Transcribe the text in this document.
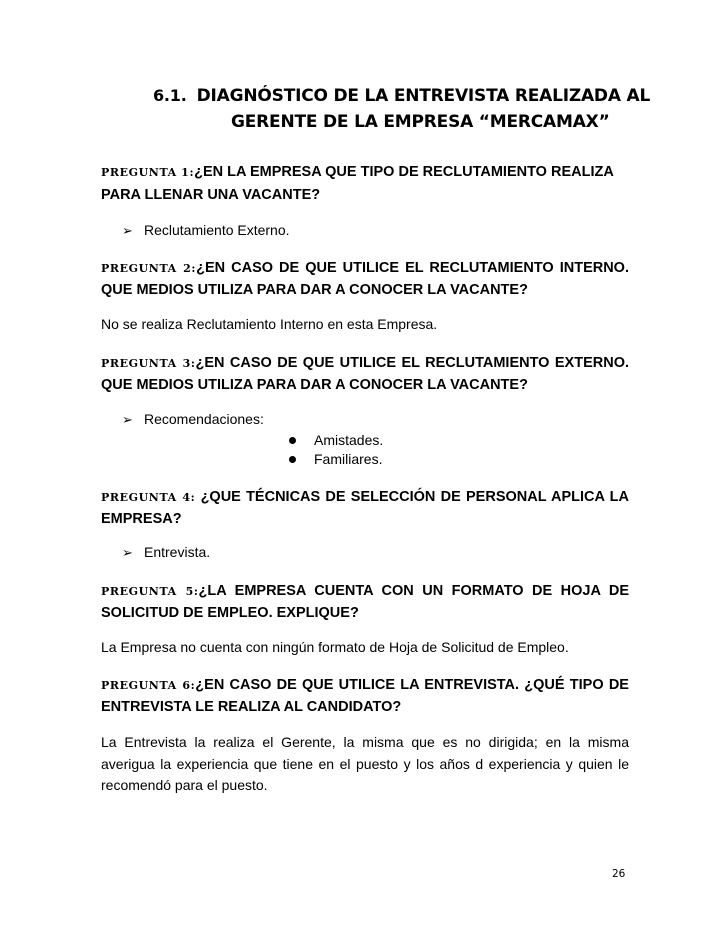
6.1. DIAGNÓSTICO DE LA ENTREVISTA REALIZADA AL
GERENTE DE LA EMPRESA “MERCAMAX”
PREGUNTA 1:¿EN LA EMPRESA QUE TIPO DE RECLUTAMIENTO REALIZA
PARA LLENAR UNA VACANTE?
➢ Reclutamiento Externo.
PREGUNTA 2:¿EN CASO DE QUE UTILICE EL RECLUTAMIENTO INTERNO.
QUE MEDIOS UTILIZA PARA DAR A CONOCER LA VACANTE?
No se realiza Reclutamiento Interno en esta Empresa.
PREGUNTA 3:¿EN CASO DE QUE UTILICE EL RECLUTAMIENTO EXTERNO.
QUE MEDIOS UTILIZA PARA DAR A CONOCER LA VACANTE?
➢ Recomendaciones:
Amistades.
Familiares.
PREGUNTA 4: ¿QUE TÉCNICAS DE SELECCIÓN DE PERSONAL APLICA LA
EMPRESA?
➢ Entrevista.
PREGUNTA 5:¿LA EMPRESA CUENTA CON UN FORMATO DE HOJA DE
SOLICITUD DE EMPLEO. EXPLIQUE?
La Empresa no cuenta con ningún formato de Hoja de Solicitud de Empleo.
PREGUNTA 6:¿EN CASO DE QUE UTILICE LA ENTREVISTA. ¿QUÉ TIPO DE
ENTREVISTA LE REALIZA AL CANDIDATO?
La Entrevista la realiza el Gerente, la misma que es no dirigida; en la misma averigua la experiencia que tiene en el puesto y los años d experiencia y quien le recomendó para el puesto.
26
